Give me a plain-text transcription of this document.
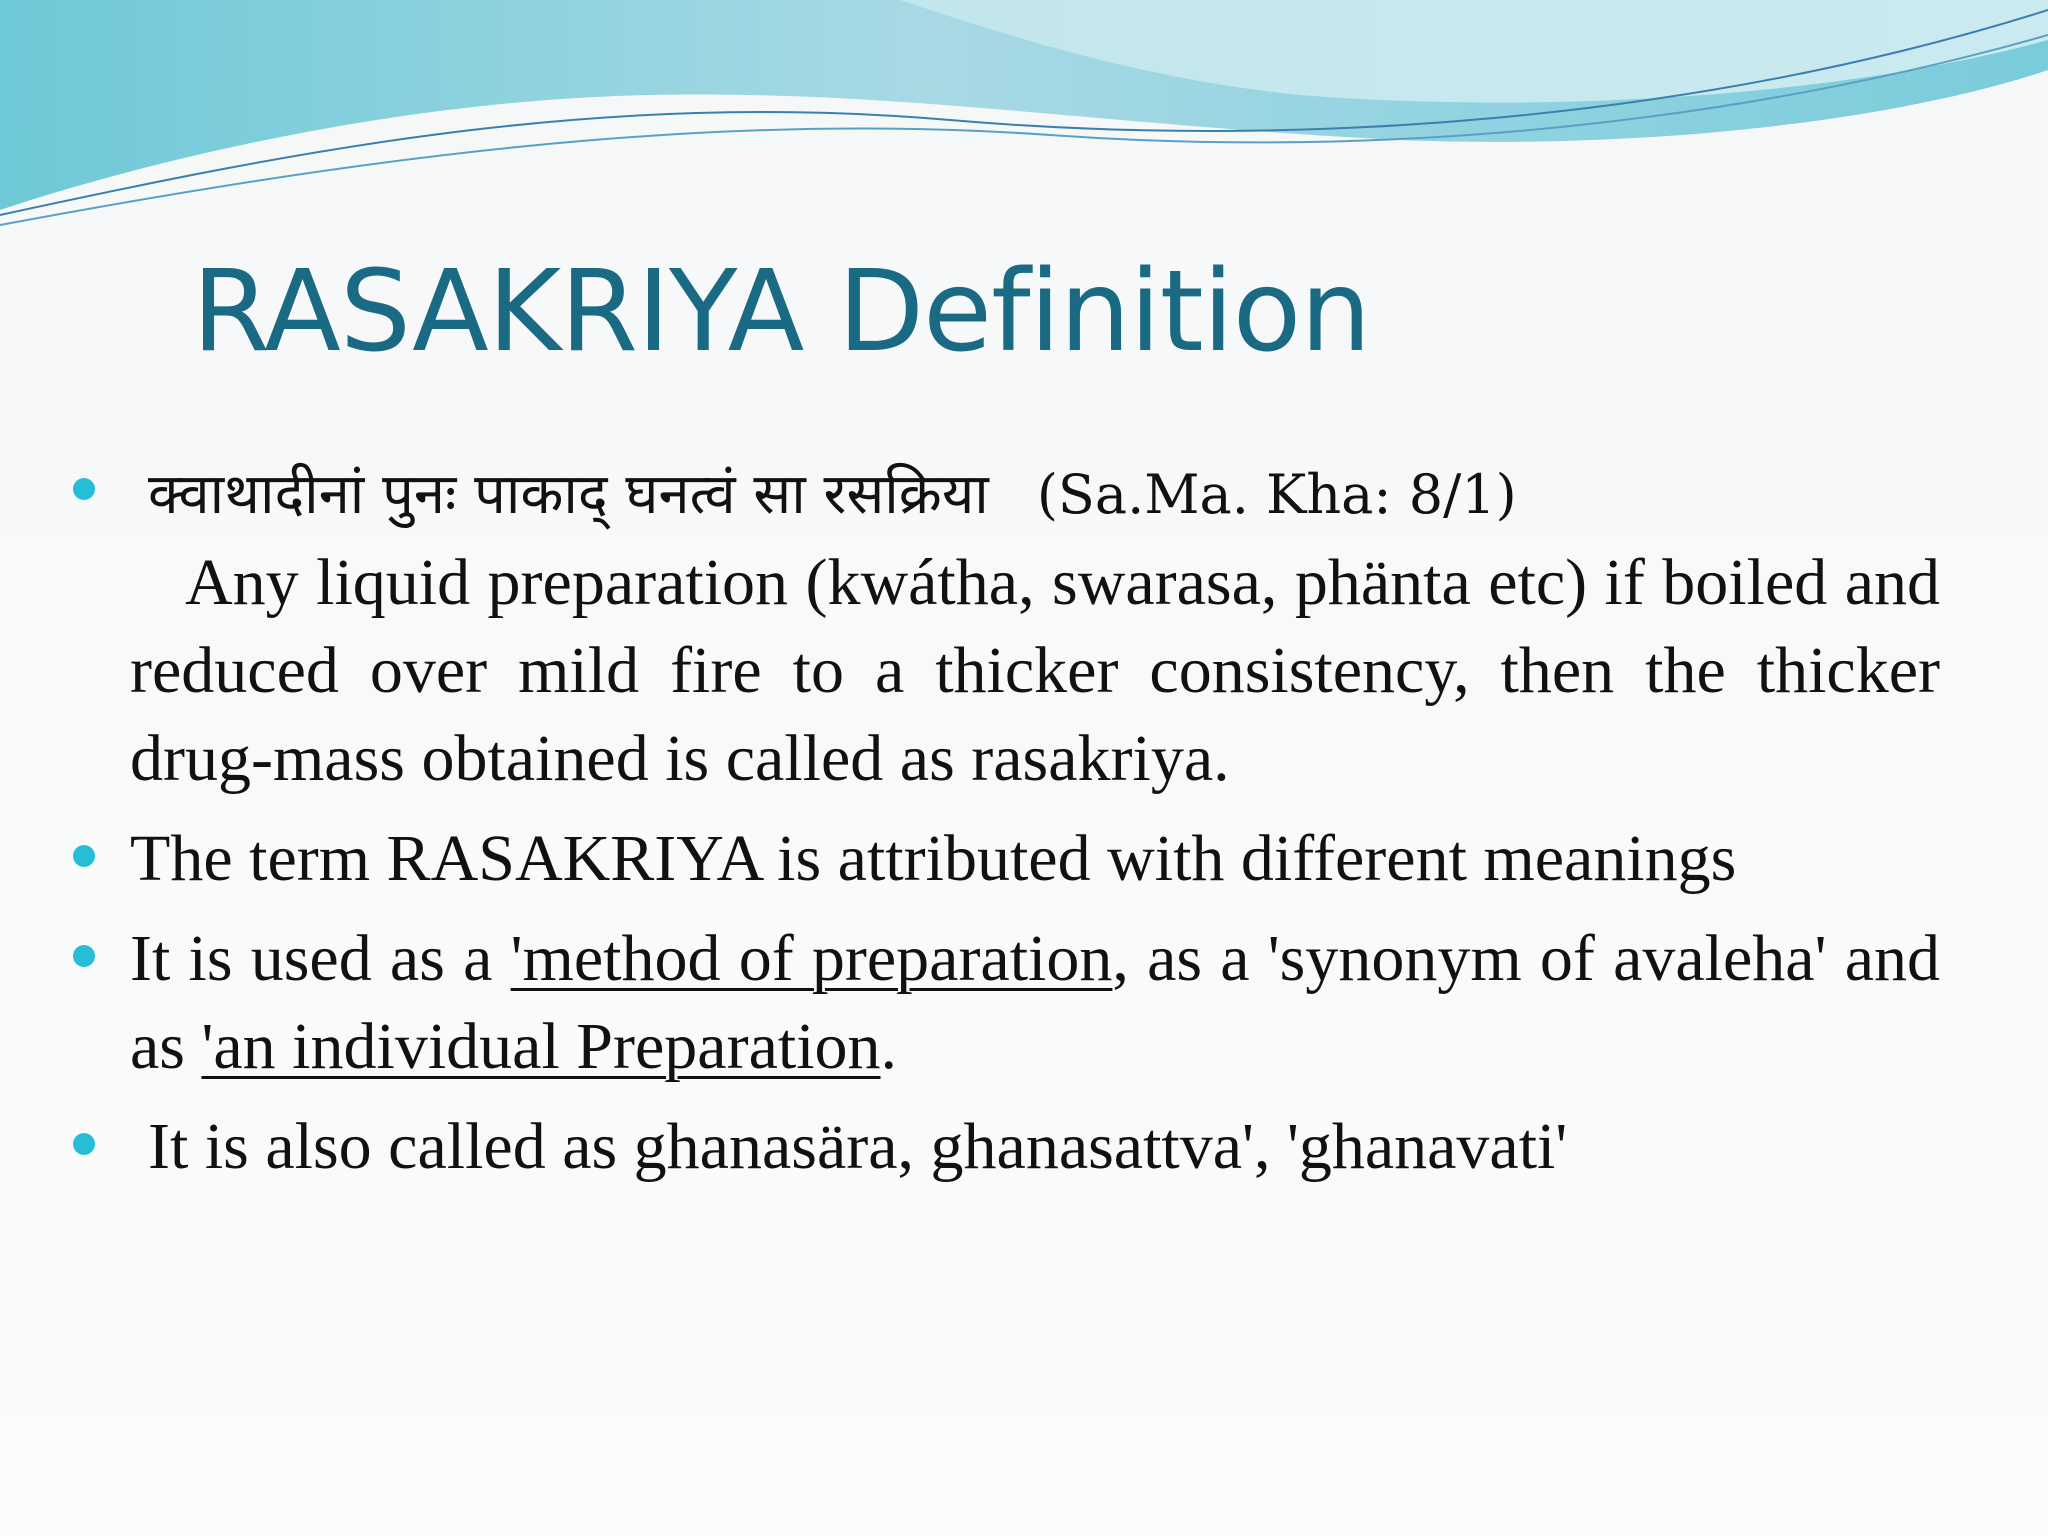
RASAKRIYA Definition
क्वाथादीनां पुनः पाकाद् घनत्वं सा रसक्रिया (Sa.Ma. Kha: 8/1)
Any liquid preparation (kwátha, swarasa, phänta etc) if boiled and reduced over mild fire to a thicker consistency, then the thicker drug-mass obtained is called as rasakriya.
The term RASAKRIYA is attributed with different meanings
It is used as a 'method of preparation, as a 'synonym of avaleha' and as 'an individual Preparation.
It is also called as ghanasära, ghanasattva', 'ghanavati'
